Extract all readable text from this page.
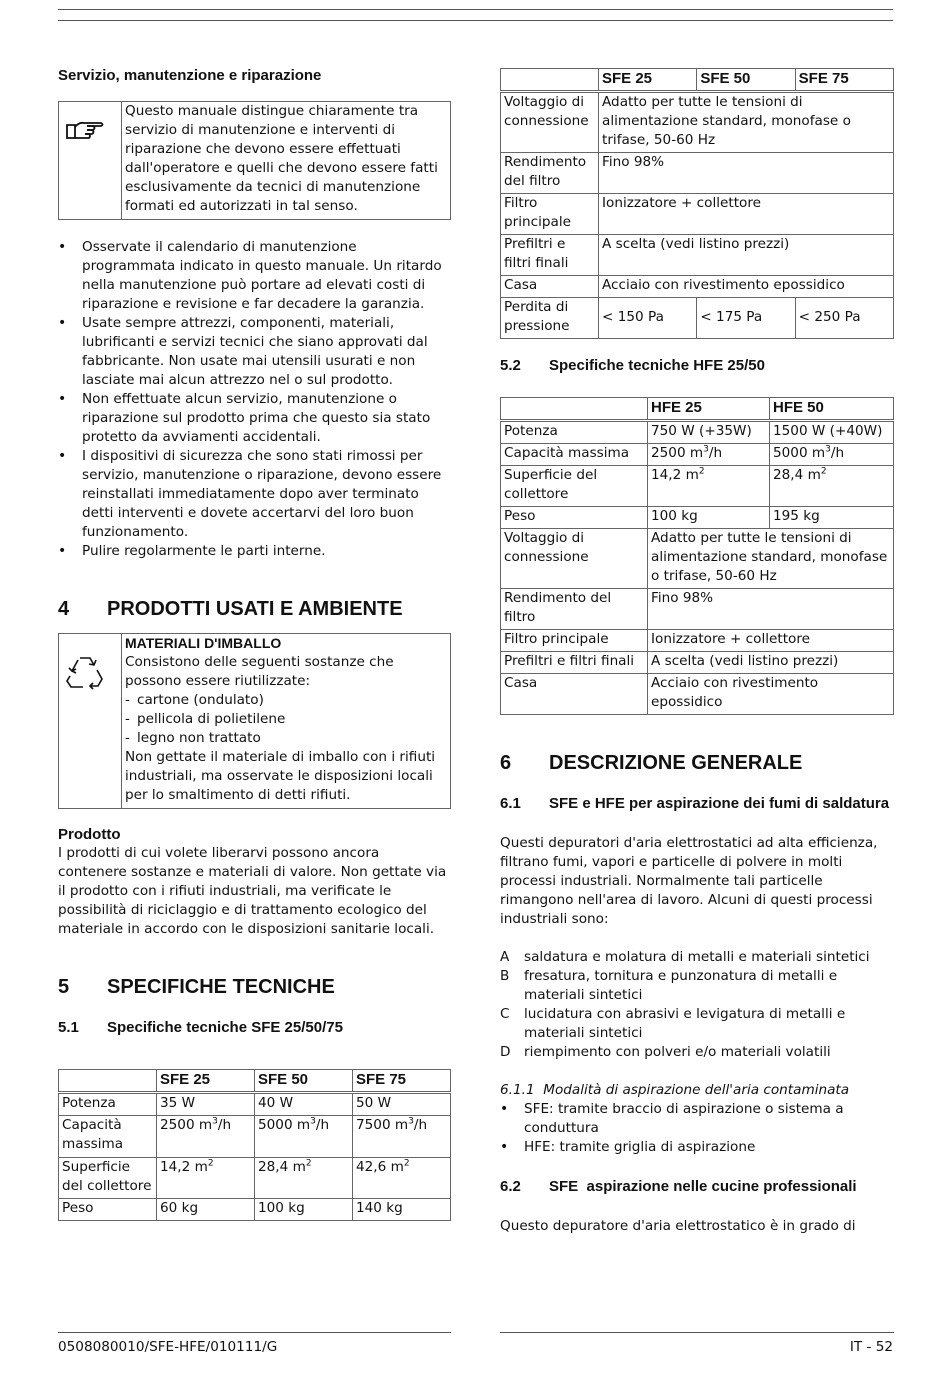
Servizio, manutenzione e riparazione

Questo manuale distingue chiaramente tra servizio di manutenzione e interventi di riparazione che devono essere effettuati dall'operatore e quelli che devono essere fatti esclusivamente da tecnici di manutenzione formati ed autorizzati in tal senso.
• Osservate il calendario di manutenzione programmata indicato in questo manuale. Un ritardo nella manutenzione può portare ad elevati costi di riparazione e revisione e far decadere la garanzia.
• Usate sempre attrezzi, componenti, materiali, lubrificanti e servizi tecnici che siano approvati dal fabbricante. Non usate mai utensili usurati e non lasciate mai alcun attrezzo nel o sul prodotto.
• Non effettuate alcun servizio, manutenzione o riparazione sul prodotto prima che questo sia stato protetto da avviamenti accidentali.
• I dispositivi di sicurezza che sono stati rimossi per servizio, manutenzione o riparazione, devono essere reinstallati immediatamente dopo aver terminato detti interventi e dovete accertarvi del loro buon funzionamento.
• Pulire regolarmente le parti interne.
4	PRODOTTI USATI E AMBIENTE
MATERIALI D'IMBALLO
Consistono delle seguenti sostanze che possono essere riutilizzate:
- cartone (ondulato)
- pellicola di polietilene
- legno non trattato
Non gettate il materiale di imballo con i rifiuti industriali, ma osservate le disposizioni locali per lo smaltimento di detti rifiuti.

Prodotto

I prodotti di cui volete liberarvi possono ancora contenere sostanze e materiali di valore. Non gettate via il prodotto con i rifiuti industriali, ma verificate le possibilità di riciclaggio e di trattamento ecologico del materiale in accordo con le disposizioni sanitarie locali.

5	SPECIFICHE TECNICHE
5.1	Specifiche tecniche SFE 25/50/75
	SFE 25	SFE 50	SFE 75
Potenza	35 W	40 W	50 W
Capacità massima	2500 $m^3/h$	5000 $m^3/h$	7500 $m^3/h$
Superficie del collettore	14,2 $m^2$	28,4 $m^2$	42,6 $m^2$
Peso	60 kg	100 kg	140 kg
	SFE 25	SFE 50	SFE 75
Voltaggio di connessione	Adatto per tutte le tensioni di alimentazione standard, monofase o trifase, 50-60 Hz		
Rendimento del filtro	Fino 98%		
Filtro principale	Ionizzatore + collettore		
Prefiltri e filtri finali	A scelta (vedi listino prezzi)		
Casa	Acciaio con rivestimento epossidico		
Perdita di pressione	< 150 Pa	< 175 Pa	< 250 Pa
5.2	Specifiche tecniche HFE 25/50
	HFE 25	HFE 50
Potenza	750 W (+35W)	1500 W (+40W)
Capacità massima	2500 $m^3/h$	5000 $m^3/h$
Superficie del collettore	14,2 $m^2$	28,4 $m^2$
Peso	100 kg	195 kg
Voltaggio di connessione	Adatto per tutte le tensioni di alimentazione standard, monofase o trifase, 50-60 Hz	
Rendimento del filtro	Fino 98%	
Filtro principale	Ionizzatore + collettore	
Prefiltri e filtri finali	A scelta (vedi listino prezzi)	
Casa	Acciaio con rivestimento epossidico	
6	DESCRIZIONE GENERALE
6.1	SFE e HFE per aspirazione dei fumi di saldatura

Questi depuratori d'aria elettrostatici ad alta efficienza, filtrano fumi, vapori e particelle di polvere in molti processi industriali. Normalmente tali particelle rimangono nell'area di lavoro. Alcuni di questi processi industriali sono:

A	saldatura e molatura di metalli e materiali sintetici
B	fresatura, tornitura e punzonatura di metalli e materiali sintetici
C	lucidatura con abrasivi e levigatura di metalli e materiali sintetici
D riempimento con polveri e/o materiali volatili

6.1.1  Modalità di aspirazione dell'aria contaminata

• SFE: tramite braccio di aspirazione o sistema a conduttura
• HFE: tramite griglia di aspirazione
6.2	SFE  aspirazione nelle cucine professionali

Questo depuratore d'aria elettrostatico è in grado di

0508080010/SFE-HFE/010111/G	IT - 52
